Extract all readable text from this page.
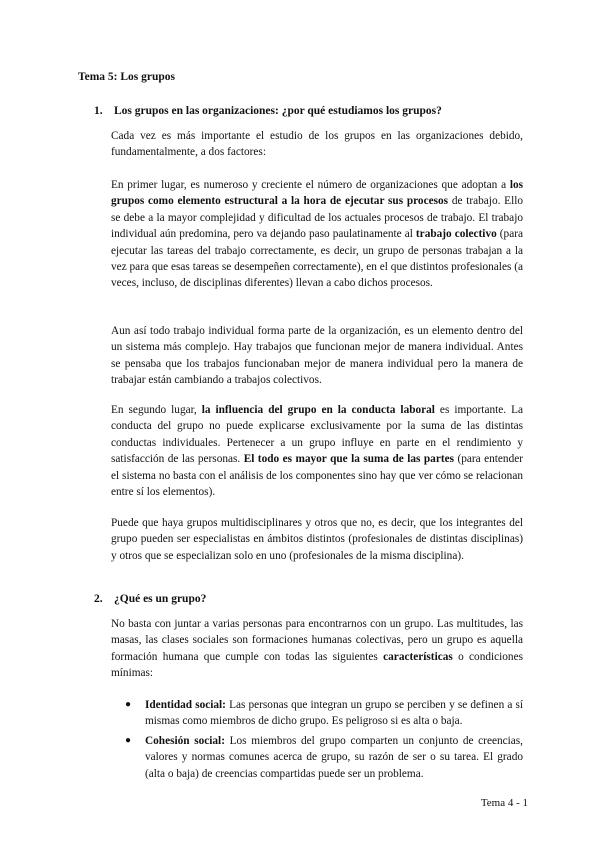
Tema 5: Los grupos
1. Los grupos en las organizaciones: ¿por qué estudiamos los grupos?

Cada vez es más importante el estudio de los grupos en las organizaciones debido, fundamentalmente, a dos factores:

En primer lugar, es numeroso y creciente el número de organizaciones que adoptan a los grupos como elemento estructural a la hora de ejecutar sus procesos de trabajo. Ello se debe a la mayor complejidad y dificultad de los actuales procesos de trabajo. El trabajo individual aún predomina, pero va dejando paso paulatinamente al trabajo colectivo (para ejecutar las tareas del trabajo correctamente, es decir, un grupo de personas trabajan a la vez para que esas tareas se desempeñen correctamente), en el que distintos profesionales (a veces, incluso, de disciplinas diferentes) llevan a cabo dichos procesos.

Aun así todo trabajo individual forma parte de la organización, es un elemento dentro del un sistema más complejo. Hay trabajos que funcionan mejor de manera individual. Antes se pensaba que los trabajos funcionaban mejor de manera individual pero la manera de trabajar están cambiando a trabajos colectivos.

En segundo lugar, la influencia del grupo en la conducta laboral es importante. La conducta del grupo no puede explicarse exclusivamente por la suma de las distintas conductas individuales. Pertenecer a un grupo influye en parte en el rendimiento y satisfacción de las personas. El todo es mayor que la suma de las partes (para entender el sistema no basta con el análisis de los componentes sino hay que ver cómo se relacionan entre sí los elementos).

Puede que haya grupos multidisciplinares y otros que no, es decir, que los integrantes del grupo pueden ser especialistas en ámbitos distintos (profesionales de distintas disciplinas) y otros que se especializan solo en uno (profesionales de la misma disciplina).

2. ¿Qué es un grupo?

No basta con juntar a varias personas para encontrarnos con un grupo. Las multitudes, las masas, las clases sociales son formaciones humanas colectivas, pero un grupo es aquella formación humana que cumple con todas las siguientes características o condiciones mínimas:

● Identidad social: Las personas que integran un grupo se perciben y se definen a sí mismas como miembros de dicho grupo. Es peligroso si es alta o baja.
● Cohesión social: Los miembros del grupo comparten un conjunto de creencias, valores y normas comunes acerca de grupo, su razón de ser o su tarea. El grado (alta o baja) de creencias compartidas puede ser un problema.
Tema 4 - 1
